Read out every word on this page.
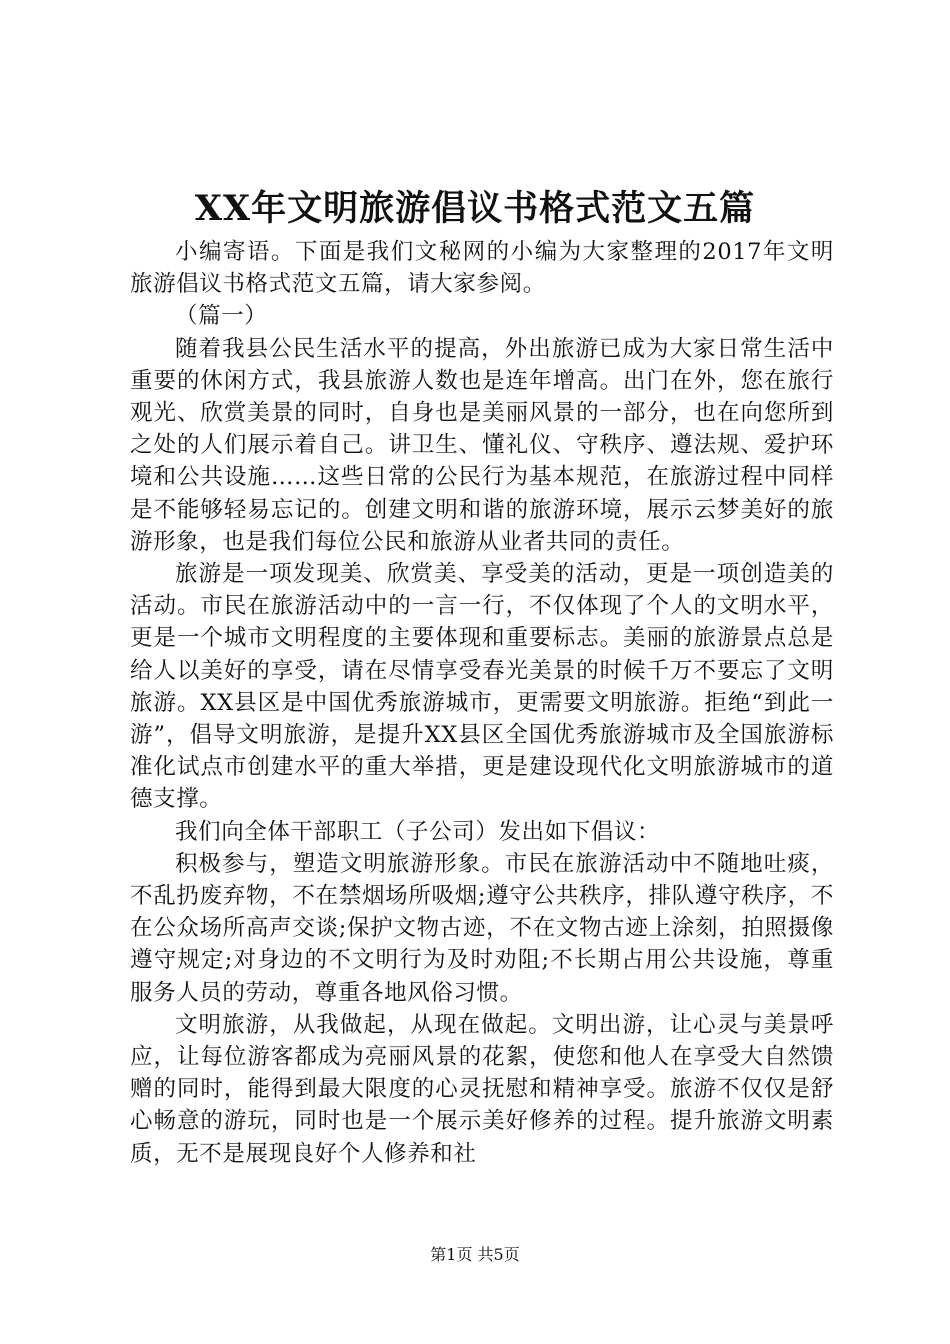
XX年文明旅游倡议书格式范文五篇

小编寄语。下面是我们文秘网的小编为大家整理的2017年文明旅游倡议书格式范文五篇，请大家参阅。

（篇一）

随着我县公民生活水平的提高，外出旅游已成为大家日常生活中重要的休闲方式，我县旅游人数也是连年增高。出门在外，您在旅行观光、欣赏美景的同时，自身也是美丽风景的一部分，也在向您所到之处的人们展示着自己。讲卫生、懂礼仪、守秩序、遵法规、爱护环境和公共设施……这些日常的公民行为基本规范，在旅游过程中同样是不能够轻易忘记的。创建文明和谐的旅游环境，展示云梦美好的旅游形象，也是我们每位公民和旅游从业者共同的责任。

旅游是一项发现美、欣赏美、享受美的活动，更是一项创造美的活动。市民在旅游活动中的一言一行，不仅体现了个人的文明水平，更是一个城市文明程度的主要体现和重要标志。美丽的旅游景点总是给人以美好的享受，请在尽情享受春光美景的时候千万不要忘了文明旅游。XX县区是中国优秀旅游城市，更需要文明旅游。拒绝“到此一游”，倡导文明旅游，是提升XX县区全国优秀旅游城市及全国旅游标准化试点市创建水平的重大举措，更是建设现代化文明旅游城市的道德支撑。

我们向全体干部职工（子公司）发出如下倡议：

积极参与，塑造文明旅游形象。市民在旅游活动中不随地吐痰，不乱扔废弃物，不在禁烟场所吸烟;遵守公共秩序，排队遵守秩序，不在公众场所高声交谈;保护文物古迹，不在文物古迹上涂刻，拍照摄像遵守规定;对身边的不文明行为及时劝阻;不长期占用公共设施，尊重服务人员的劳动，尊重各地风俗习惯。

文明旅游，从我做起，从现在做起。文明出游，让心灵与美景呼应，让每位游客都成为亮丽风景的花絮，使您和他人在享受大自然馈赠的同时，能得到最大限度的心灵抚慰和精神享受。旅游不仅仅是舒心畅意的游玩，同时也是一个展示美好修养的过程。提升旅游文明素质，无不是展现良好个人修养和社

第1页 共5页
